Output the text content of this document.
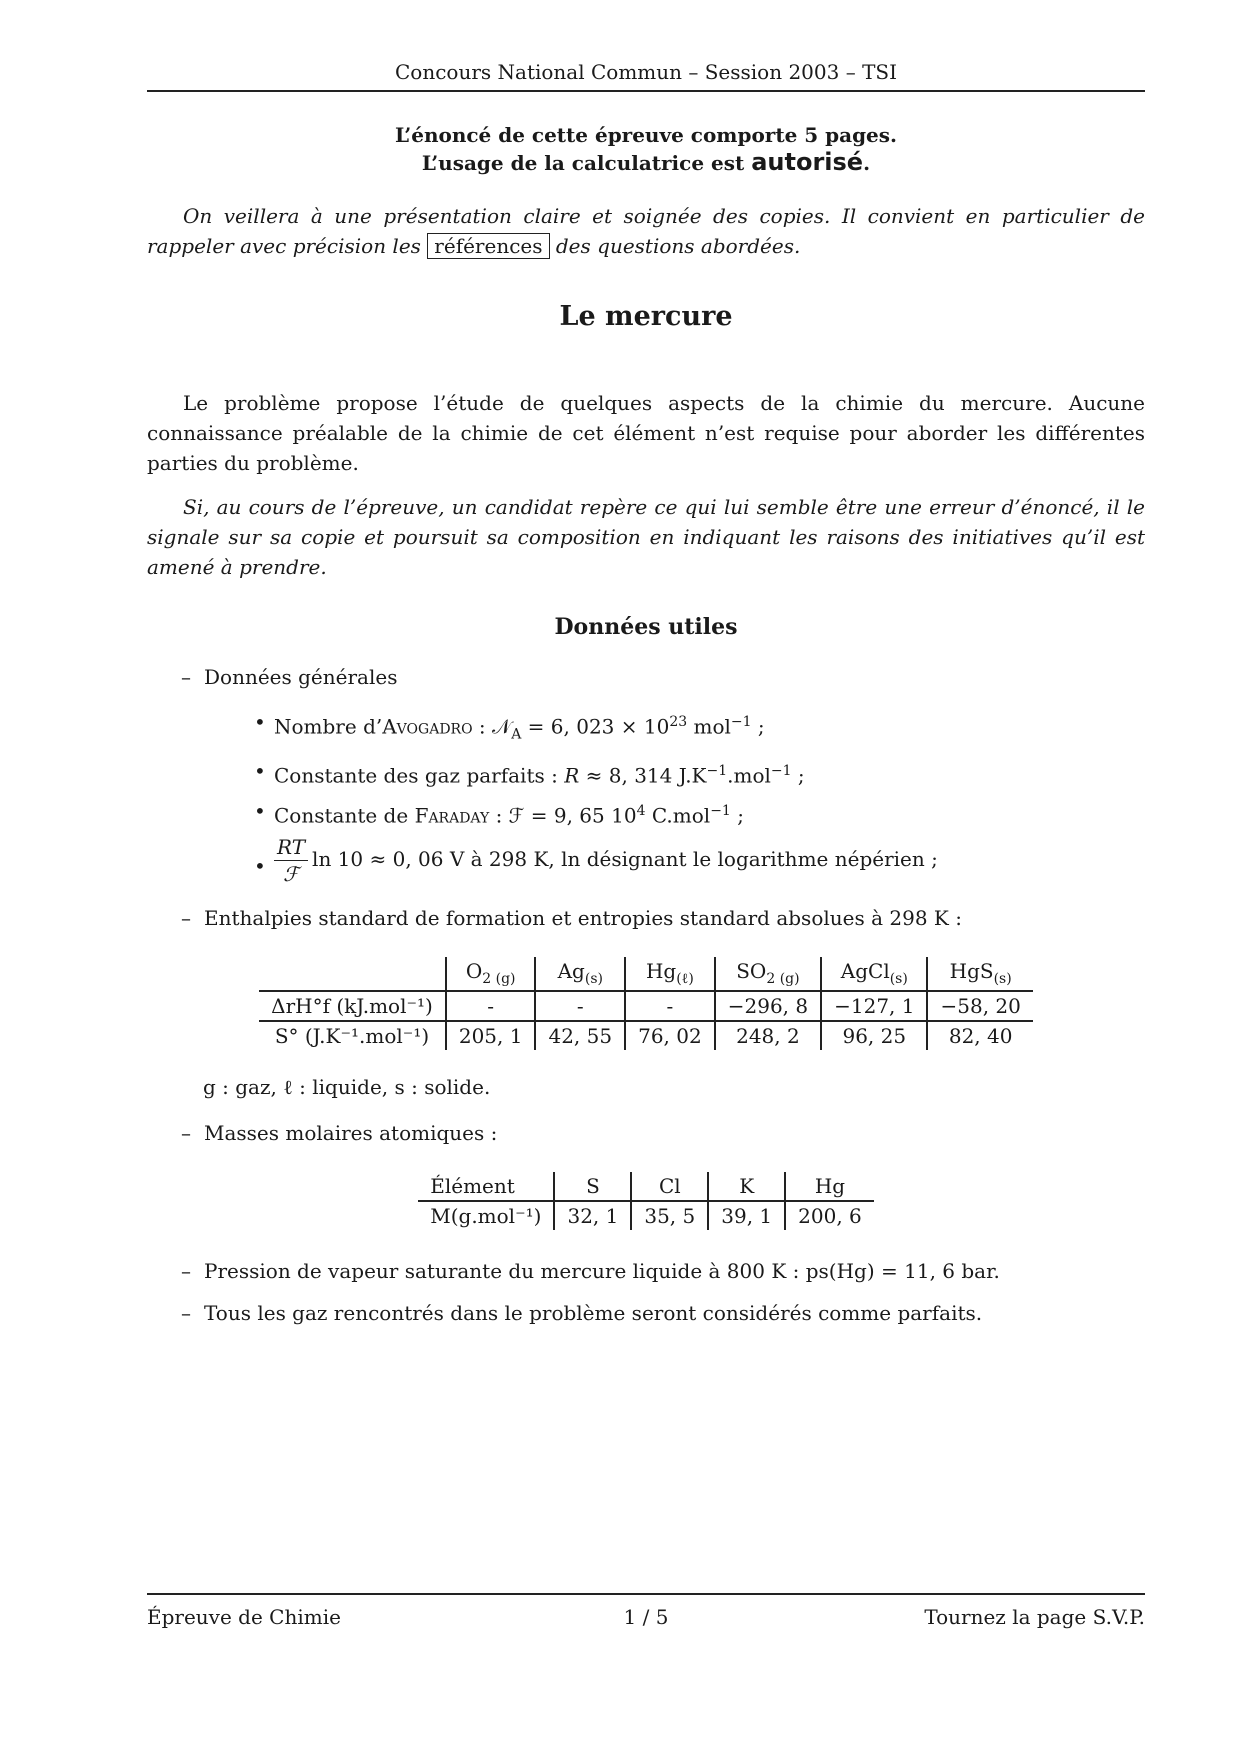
Concours National Commun – Session 2003 – TSI
L’énoncé de cette épreuve comporte 5 pages.
L’usage de la calculatrice est autorisé.

On veillera à une présentation claire et soignée des copies. Il convient en particulier de rappeler avec précision les références des questions abordées.

Le mercure

Le problème propose l’étude de quelques aspects de la chimie du mercure. Aucune connaissance préalable de la chimie de cet élément n’est requise pour aborder les différentes parties du problème.

Si, au cours de l’épreuve, un candidat repère ce qui lui semble être une erreur d’énoncé, il le signale sur sa copie et poursuit sa composition en indiquant les raisons des initiatives qu’il est amené à prendre.

Données utiles

– Données générales

• Nombre d’Avogadro : 𝒩$_A$ = 6, $023 \times 10^{23}$ mol$^{-1}$ ;
• Constante des gaz parfaits : R ≈ 8, 314 $J.K^{-1}.mol^{-1}$ ;
• Constante de Faraday : ℱ = 9, 65 $10^4$ C.mol$^{-1}$ ;
• $\frac{RT}{\text{ℱ}}$ ln 10 ≈ 0, 06 V à 298 K, ln désignant le logarithme népérien ;

– Enthalpies standard de formation et entropies standard absolues à 298 K :

	$O_{2 (g)}$	$Ag_{(s)}$	$Hg_{(\ell)}$	$SO_{2 (g)}$	AgCl$_{(s)}$	HgS$_{(s)}$
ΔrH°f (kJ.mol⁻¹)	-	-	-	−296, 8	−127, 1	−58, 20
S° (J.K⁻¹.mol⁻¹)	205, 1	42, 55	76, 02	248, 2	96, 25	82, 40
g : gaz, ℓ : liquide, s : solide.

– Masses molaires atomiques :

Élément	S	Cl	K	Hg
M(g.mol⁻¹)	32, 1	35, 5	39, 1	200, 6

– Pression de vapeur saturante du mercure liquide à 800 K : ps(Hg) = 11, 6 bar.

– Tous les gaz rencontrés dans le problème seront considérés comme parfaits.

Épreuve de Chimie	1 / 5	Tournez la page S.V.P.
